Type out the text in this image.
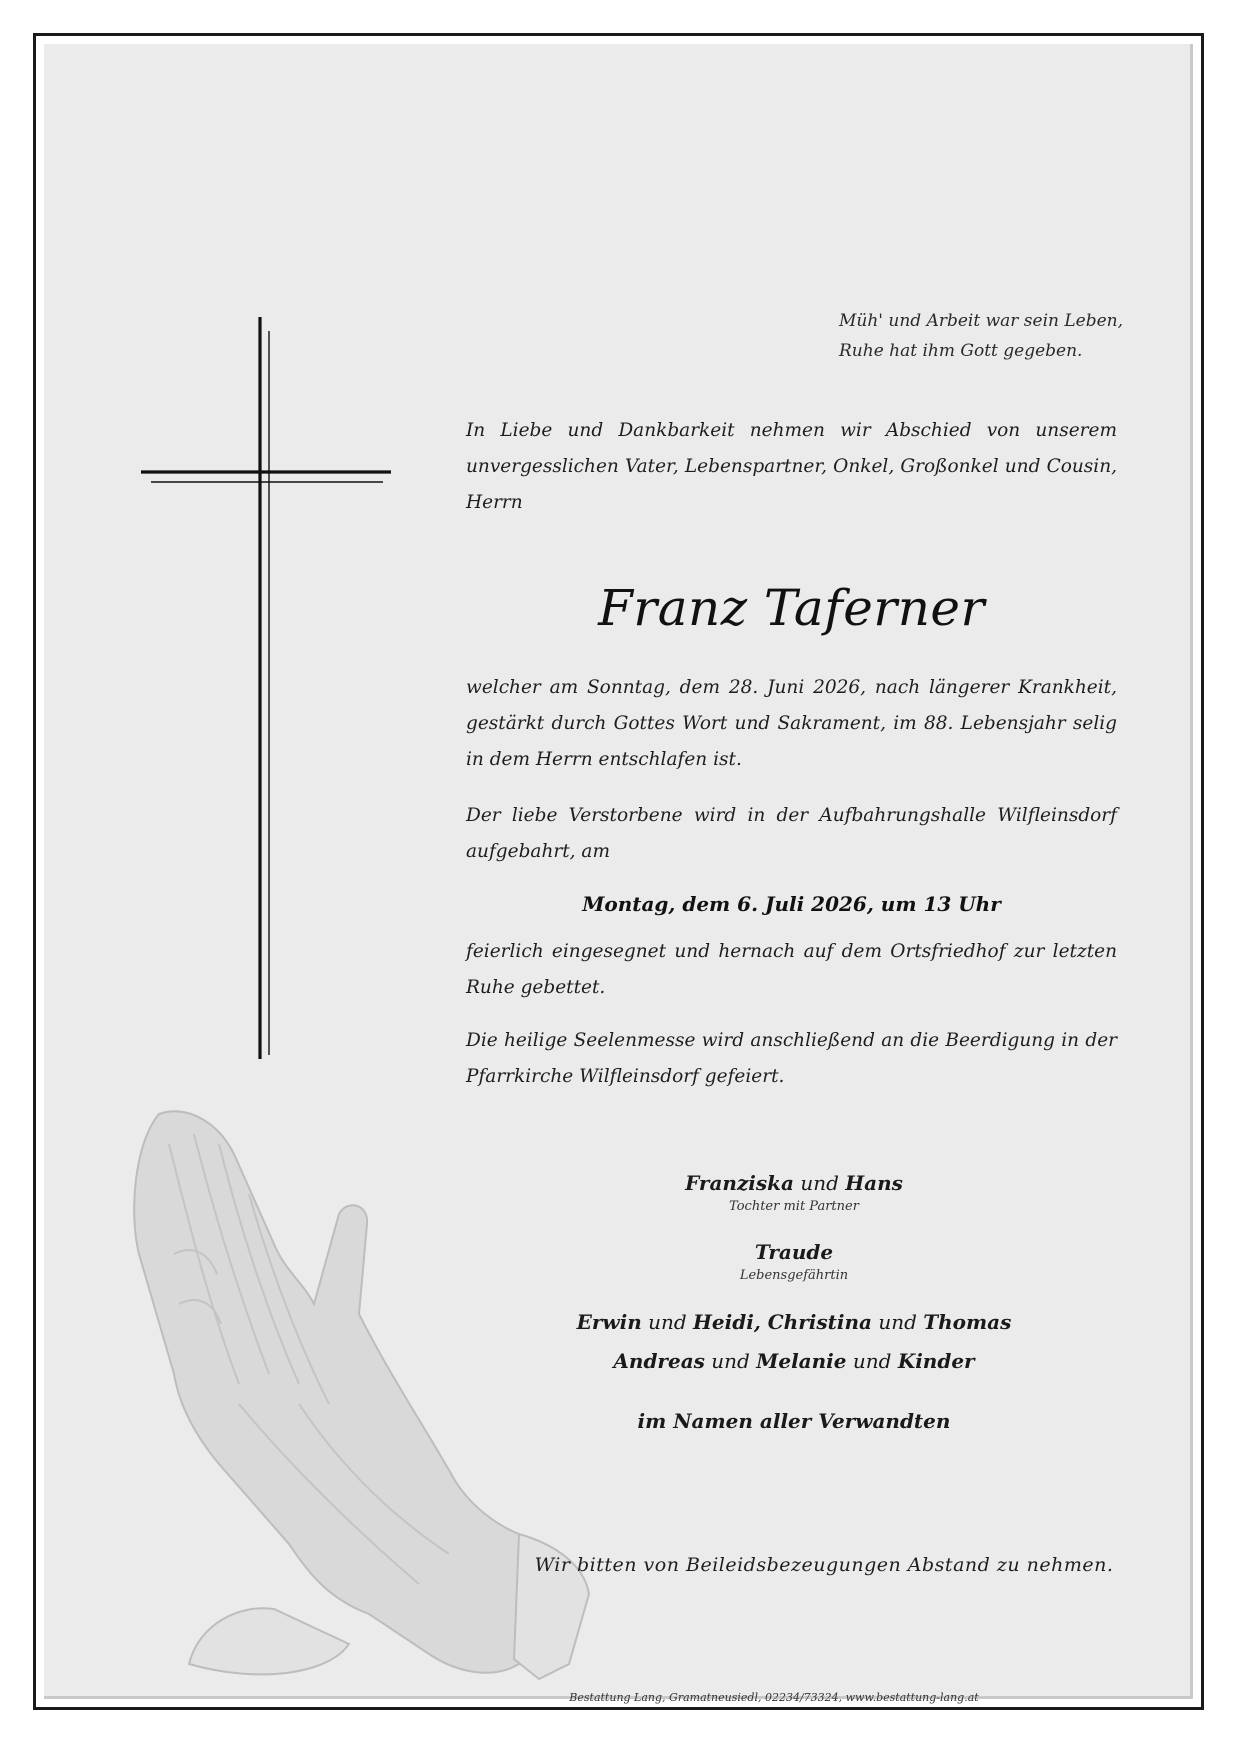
Müh' und Arbeit war sein Leben,
Ruhe hat ihm Gott gegeben.
In Liebe und Dankbarkeit nehmen wir Abschied von unserem
unvergesslichen Vater, Lebenspartner, Onkel, Großonkel und Cousin,
Herrn
Franz Taferner
welcher am Sonntag, dem 28. Juni 2026, nach längerer Krankheit,
gestärkt durch Gottes Wort und Sakrament, im 88. Lebensjahr selig
in dem Herrn entschlafen ist.
Der liebe Verstorbene wird in der Aufbahrungshalle Wilfleinsdorf
aufgebahrt, am
Montag, dem 6. Juli 2026, um 13 Uhr
feierlich eingesegnet und hernach auf dem Ortsfriedhof zur letzten
Ruhe gebettet.
Die heilige Seelenmesse wird anschließend an die Beerdigung in der
Pfarrkirche Wilfleinsdorf gefeiert.
Franziska und Hans
Tochter mit Partner
Traude
Lebensgefährtin
Erwin und Heidi, Christina und Thomas
Andreas und Melanie und Kinder
im Namen aller Verwandten
Wir bitten von Beileidsbezeugungen Abstand zu nehmen.
Bestattung Lang, Gramatneusiedl, 02234/73324, www.bestattung-lang.at
